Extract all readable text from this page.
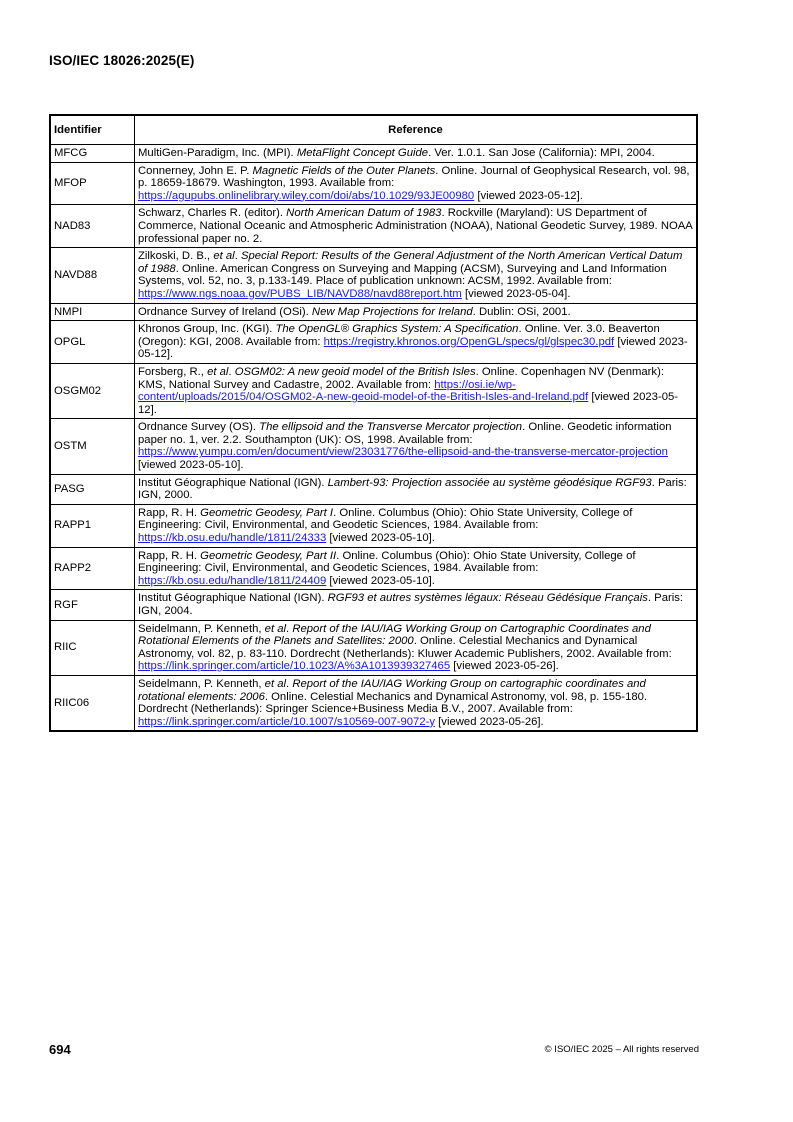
ISO/IEC 18026:2025(E)
Identifier	Reference
MFCG	MultiGen-Paradigm, Inc. (MPI). MetaFlight Concept Guide. Ver. 1.0.1. San Jose (California): MPI, 2004.
MFOP	Connerney, John E. P. Magnetic Fields of the Outer Planets. Online. Journal of Geophysical Research, vol. 98, p. 18659-18679. Washington, 1993. Available from: https://agupubs.onlinelibrary.wiley.com/doi/abs/10.1029/93JE00980 [viewed 2023-05-12].
NAD83	Schwarz, Charles R. (editor). North American Datum of 1983. Rockville (Maryland): US Department of Commerce, National Oceanic and Atmospheric Administration (NOAA), National Geodetic Survey, 1989. NOAA professional paper no. 2.
NAVD88	Zilkoski, D. B., et al. Special Report: Results of the General Adjustment of the North American Vertical Datum of 1988. Online. American Congress on Surveying and Mapping (ACSM), Surveying and Land Information Systems, vol. 52, no. 3, p.133-149. Place of publication unknown: ACSM, 1992. Available from: https://www.ngs.noaa.gov/PUBS_LIB/NAVD88/navd88report.htm [viewed 2023-05-04].
NMPI	Ordnance Survey of Ireland (OSi). New Map Projections for Ireland. Dublin: OSi, 2001.
OPGL	Khronos Group, Inc. (KGI). The OpenGL® Graphics System: A Specification. Online. Ver. 3.0. Beaverton (Oregon): KGI, 2008. Available from: https://registry.khronos.org/OpenGL/specs/gl/glspec30.pdf [viewed 2023-05-12].
OSGM02	Forsberg, R., et al. OSGM02: A new geoid model of the British Isles. Online. Copenhagen NV (Denmark): KMS, National Survey and Cadastre, 2002. Available from: https://osi.ie/wp-content/uploads/2015/04/OSGM02-A-new-geoid-model-of-the-British-Isles-and-Ireland.pdf [viewed 2023-05-12].
OSTM	Ordnance Survey (OS). The ellipsoid and the Transverse Mercator projection. Online. Geodetic information paper no. 1, ver. 2.2. Southampton (UK): OS, 1998. Available from: https://www.yumpu.com/en/document/view/23031776/the-ellipsoid-and-the-transverse-mercator-projection [viewed 2023-05-10].
PASG	Institut Géographique National (IGN). Lambert-93: Projection associée au système géodésique RGF93. Paris: IGN, 2000.
RAPP1	Rapp, R. H. Geometric Geodesy, Part I. Online. Columbus (Ohio): Ohio State University, College of Engineering: Civil, Environmental, and Geodetic Sciences, 1984. Available from: https://kb.osu.edu/handle/1811/24333 [viewed 2023-05-10].
RAPP2	Rapp, R. H. Geometric Geodesy, Part II. Online. Columbus (Ohio): Ohio State University, College of Engineering: Civil, Environmental, and Geodetic Sciences, 1984. Available from: https://kb.osu.edu/handle/1811/24409 [viewed 2023-05-10].
RGF	Institut Géographique National (IGN). RGF93 et autres systèmes légaux: Réseau Gédésique Français. Paris: IGN, 2004.
RIIC	Seidelmann, P. Kenneth, et al. Report of the IAU/IAG Working Group on Cartographic Coordinates and Rotational Elements of the Planets and Satellites: 2000. Online. Celestial Mechanics and Dynamical Astronomy, vol. 82, p. 83-110. Dordrecht (Netherlands): Kluwer Academic Publishers, 2002. Available from: https://link.springer.com/article/10.1023/A%3A1013939327465 [viewed 2023-05-26].
RIIC06	Seidelmann, P. Kenneth, et al. Report of the IAU/IAG Working Group on cartographic coordinates and rotational elements: 2006. Online. Celestial Mechanics and Dynamical Astronomy, vol. 98, p. 155-180. Dordrecht (Netherlands): Springer Science+Business Media B.V., 2007. Available from: https://link.springer.com/article/10.1007/s10569-007-9072-y [viewed 2023-05-26].
694	© ISO/IEC 2025 – All rights reserved
